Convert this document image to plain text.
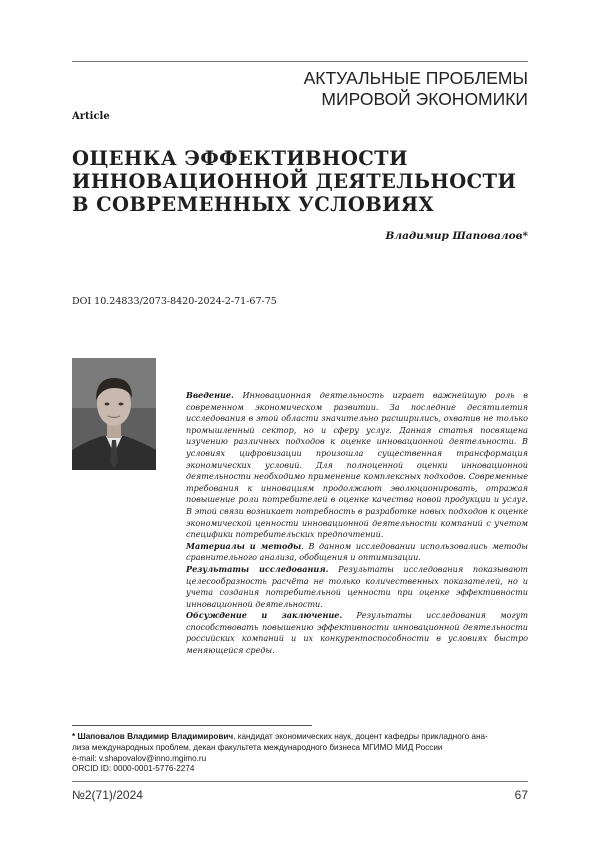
АКТУАЛЬНЫЕ ПРОБЛЕМЫ
МИРОВОЙ ЭКОНОМИКИ
Article
ОЦЕНКА ЭФФЕКТИВНОСТИ
ИННОВАЦИОННОЙ ДЕЯТЕЛЬНОСТИ
В СОВРЕМЕННЫХ УСЛОВИЯХ
Владимир Шаповалов*
DOI 10.24833/2073-8420-2024-2-71-67-75

Введение. Инновационная деятельность играет важнейшую роль в современном экономическом развитии. За последние десятилетия исследования в этой области значительно расширились, охватив не только промышленный сектор, но и сферу услуг. Данная статья посвящена изучению различных подходов к оценке инновационной деятельности. В условиях цифровизации произошла существенная трансформация экономических условий. Для полноценной оценки инновационной деятельности необходимо применение комплексных подходов. Современные требования к инновациям продолжают эволюционировать, отражая повышение роли потребителей в оценке качества новой продукции и услуг. В этой связи возникает потребность в разработке новых подходов к оценке экономической ценности инновационной деятельности компаний с учетом специфики потребительских предпочтений.

Материалы и методы. В данном исследовании использовались методы сравнительного анализа, обобщения и оптимизации.

Результаты исследования. Результаты исследования показывают целесообразность расчёта не только количественных показателей, но и учета создания потребительной ценности при оценке эффективности инновационной деятельности.

Обсуждение и заключение. Результаты исследования могут способствовать повышению эффективности инновационной деятельности российских компаний и их конкурентоспособности в условиях быстро меняющейся среды.

* Шаповалов Владимир Владимирович, кандидат экономических наук, доцент кафедры прикладного ана-
лиза международных проблем, декан факультета международного бизнеса МГИМО МИД России
e-mail: v.shapovalov@inno.mgimo.ru
ORCID ID: 0000-0001-5776-2274
№2(71)/2024	67
